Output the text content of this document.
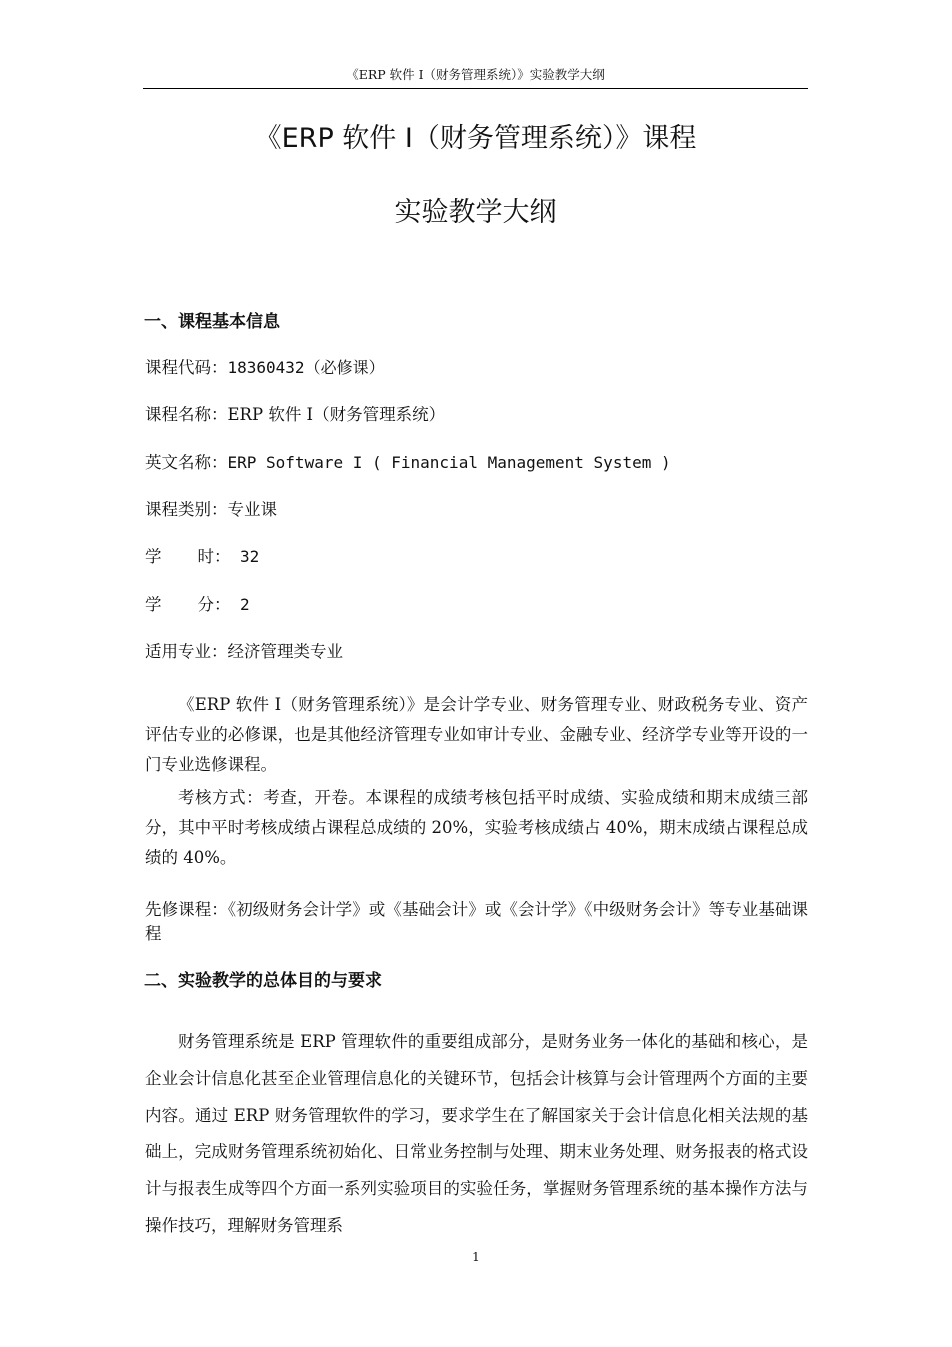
《ERP 软件 I（财务管理系统）》实验教学大纲
《ERP 软件 I（财务管理系统）》课程
实验教学大纲
一、课程基本信息
课程代码：18360432（必修课）
课程名称：ERP 软件 I（财务管理系统）
英文名称：ERP Software I ( Financial Management System )
课程类别：专业课
学 时： 32
学 分： 2
适用专业：经济管理类专业

《ERP 软件 I（财务管理系统）》是会计学专业、财务管理专业、财政税务专业、资产评估专业的必修课，也是其他经济管理专业如审计专业、金融专业、经济学专业等开设的一门专业选修课程。

考核方式：考查，开卷。本课程的成绩考核包括平时成绩、实验成绩和期末成绩三部分，其中平时考核成绩占课程总成绩的 20%，实验考核成绩占 40%，期末成绩占课程总成绩的 40%。

先修课程：《初级财务会计学》或《基础会计》或《会计学》《中级财务会计》等专业基础课程

二、实验教学的总体目的与要求

财务管理系统是 ERP 管理软件的重要组成部分，是财务业务一体化的基础和核心，是企业会计信息化甚至企业管理信息化的关键环节，包括会计核算与会计管理两个方面的主要内容。通过 ERP 财务管理软件的学习，要求学生在了解国家关于会计信息化相关法规的基础上，完成财务管理系统初始化、日常业务控制与处理、期末业务处理、财务报表的格式设计与报表生成等四个方面一系列实验项目的实验任务，掌握财务管理系统的基本操作方法与操作技巧，理解财务管理系

1
